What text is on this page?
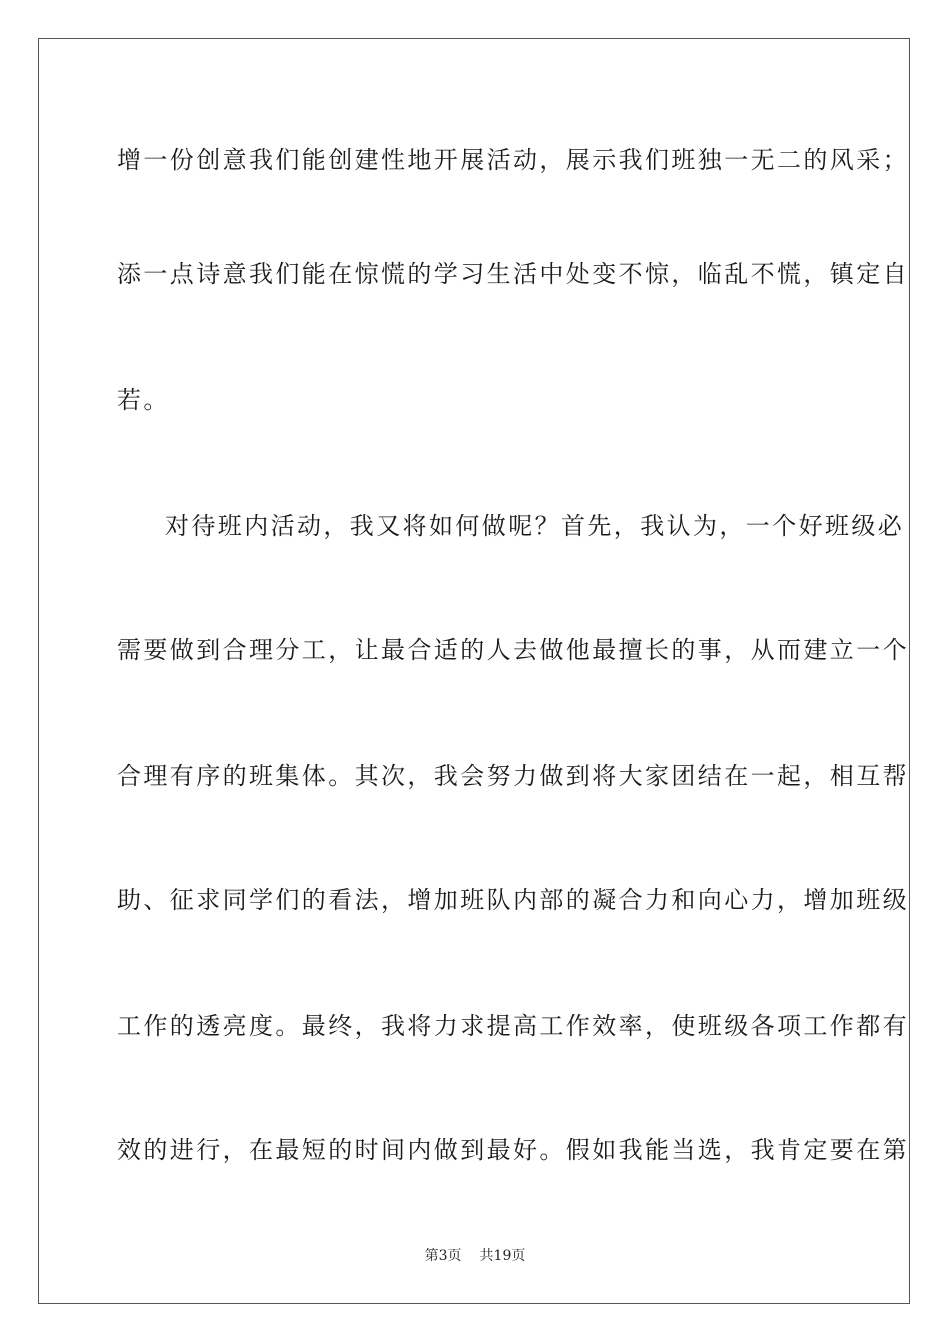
增一份创意我们能创建性地开展活动，展示我们班独一无二的风采；
添一点诗意我们能在惊慌的学习生活中处变不惊，临乱不慌，镇定自
若。
对待班内活动，我又将如何做呢？首先，我认为，一个好班级必
需要做到合理分工，让最合适的人去做他最擅长的事，从而建立一个
合理有序的班集体。其次，我会努力做到将大家团结在一起，相互帮
助、征求同学们的看法，增加班队内部的凝合力和向心力，增加班级
工作的透亮度。最终，我将力求提高工作效率，使班级各项工作都有
效的进行，在最短的时间内做到最好。假如我能当选，我肯定要在第
第3页 共19页
